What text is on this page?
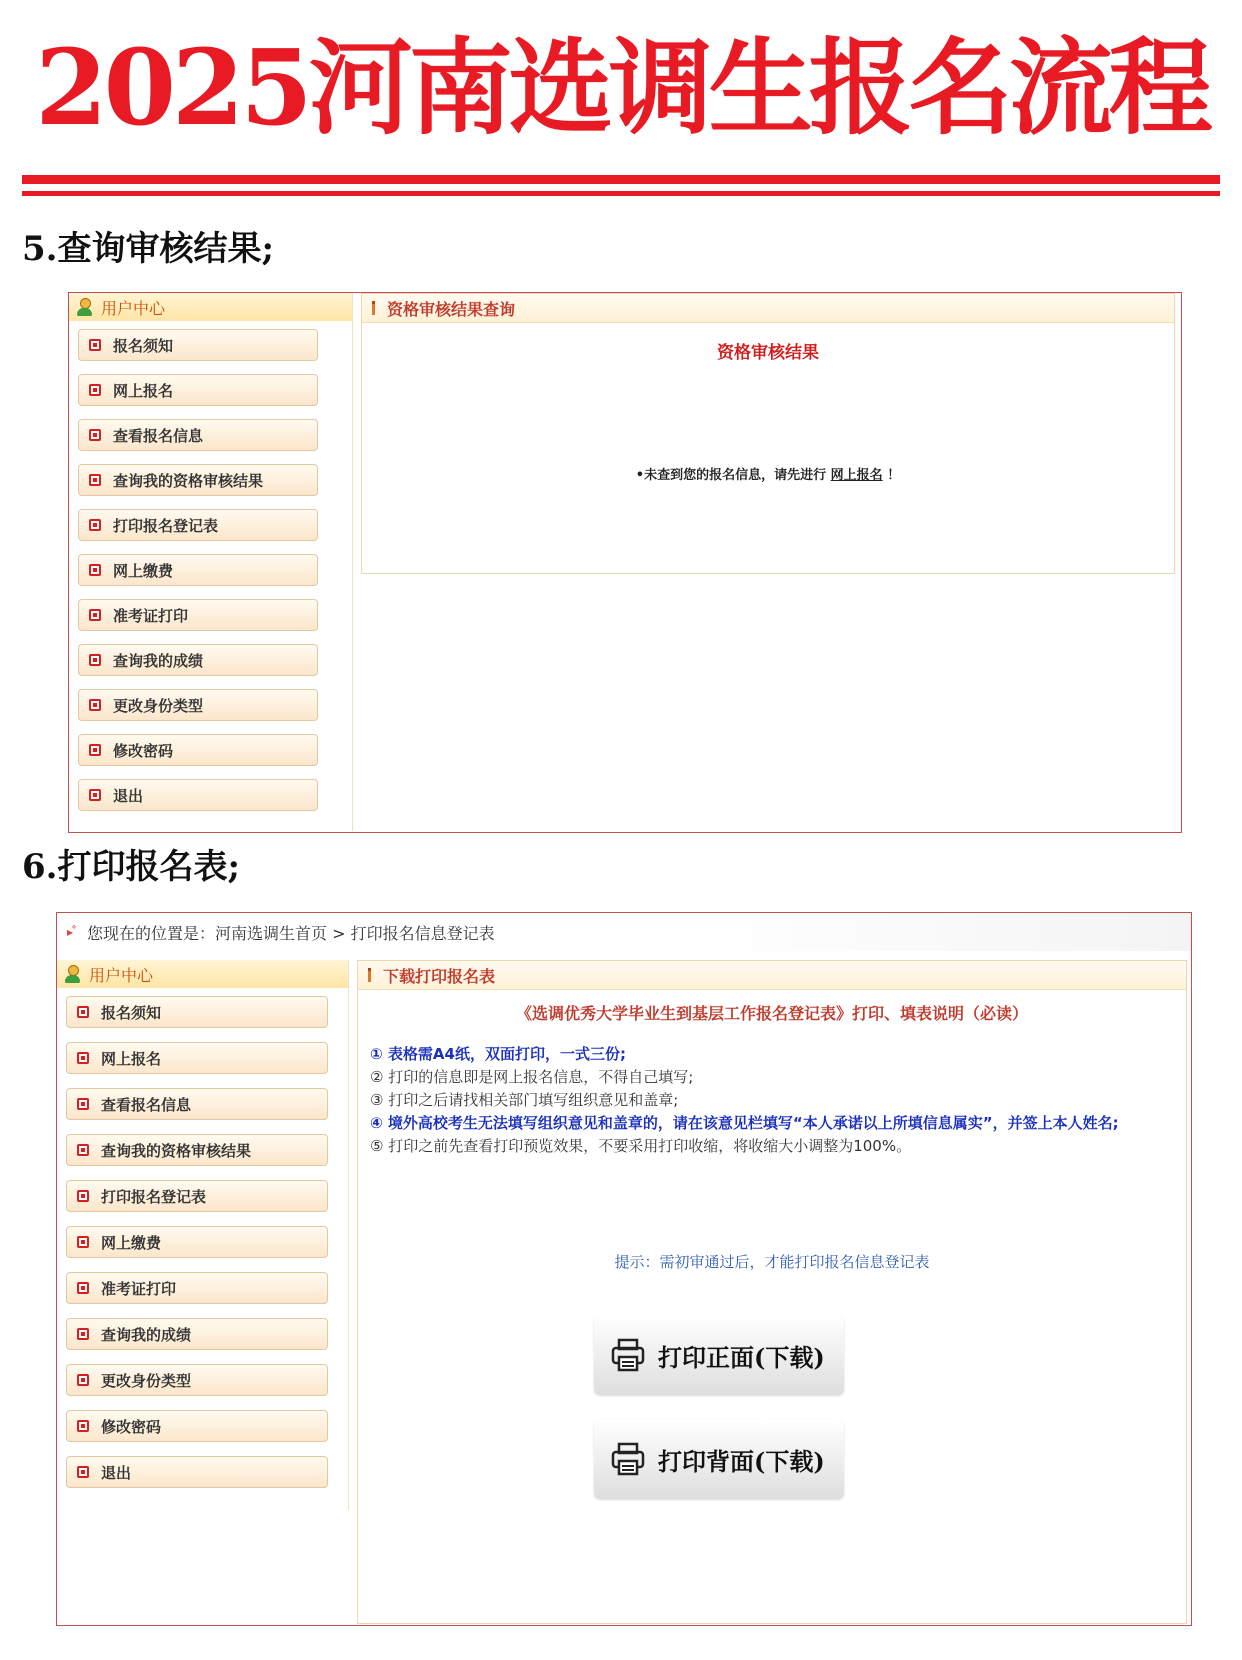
2025河南选调生报名流程
5.查询审核结果;
用户中心
报名须知
网上报名
查看报名信息
查询我的资格审核结果
打印报名登记表
网上缴费
准考证打印
查询我的成绩
更改身份类型
修改密码
退出
资格审核结果查询
资格审核结果
•未查到您的报名信息，请先进行 网上报名 ！
6.打印报名表;
▸˚ 您现在的位置是：河南选调生首页 > 打印报名信息登记表
用户中心
报名须知
网上报名
查看报名信息
查询我的资格审核结果
打印报名登记表
网上缴费
准考证打印
查询我的成绩
更改身份类型
修改密码
退出
下载打印报名表
《选调优秀大学毕业生到基层工作报名登记表》打印、填表说明（必读）
① 表格需A4纸，双面打印，一式三份;
② 打印的信息即是网上报名信息，不得自己填写;
③ 打印之后请找相关部门填写组织意见和盖章;
④ 境外高校考生无法填写组织意见和盖章的，请在该意见栏填写“本人承诺以上所填信息属实”，并签上本人姓名;
⑤ 打印之前先查看打印预览效果，不要采用打印收缩，将收缩大小调整为100%。
提示：需初审通过后，才能打印报名信息登记表
打印正面(下载)
打印背面(下载)
